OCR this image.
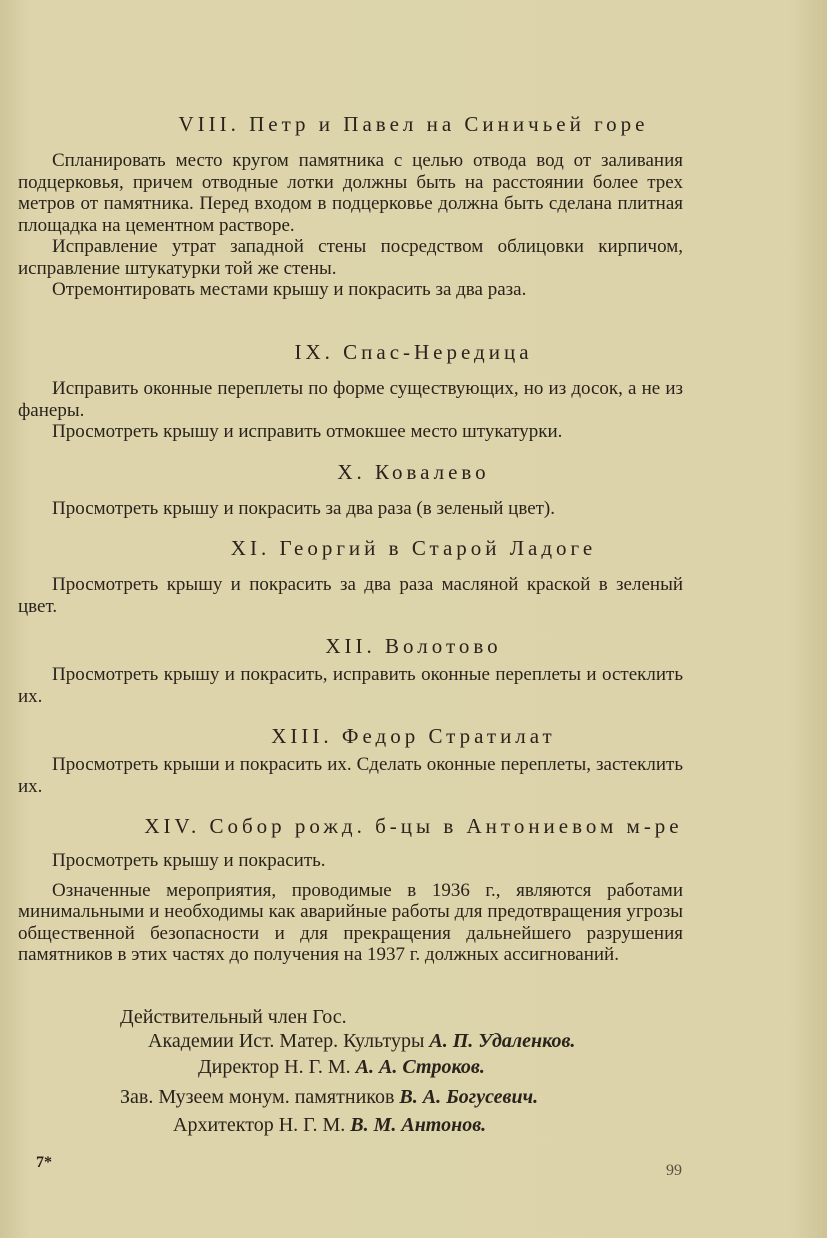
VIII. Петр и Павел на Синичьей горе
Спланировать место кругом памятника с целью отвода вод от заливания подцерковья, причем отводные лотки должны быть на расстоянии более трех метров от памятника. Перед входом в подцерковье должна быть сделана плитная площадка на цементном растворе.
Исправление утрат западной стены посредством облицовки кирпичом, исправление штукатурки той же стены.
Отремонтировать местами крышу и покрасить за два раза.
IX. Спас-Нередица
Исправить оконные переплеты по форме существующих, но из досок, а не из фанеры.
Просмотреть крышу и исправить отмокшее место штукатурки.
X. Ковалево
Просмотреть крышу и покрасить за два раза (в зеленый цвет).
XI. Георгий в Старой Ладоге
Просмотреть крышу и покрасить за два раза масляной краской в зеленый цвет.
XII. Волотово
Просмотреть крышу и покрасить, исправить оконные переплеты и остеклить их.
XIII. Федор Стратилат
Просмотреть крыши и покрасить их. Сделать оконные переплеты, застеклить их.
XIV. Собор рожд. б-цы в Антониевом м-ре
Просмотреть крышу и покрасить.
Означенные мероприятия, проводимые в 1936 г., являются работами минимальными и необходимы как аварийные работы для предотвращения угрозы общественной безопасности и для прекращения дальнейшего разрушения памятников в этих частях до получения на 1937 г. должных ассигнований.
Действительный член Гос.
Академии Ист. Матер. Культуры А. П. Удаленков.
Директор Н. Г. М. А. А. Строков.
Зав. Музеем монум. памятников В. А. Богусевич.
Архитектор Н. Г. М. В. М. Антонов.
7*	99
